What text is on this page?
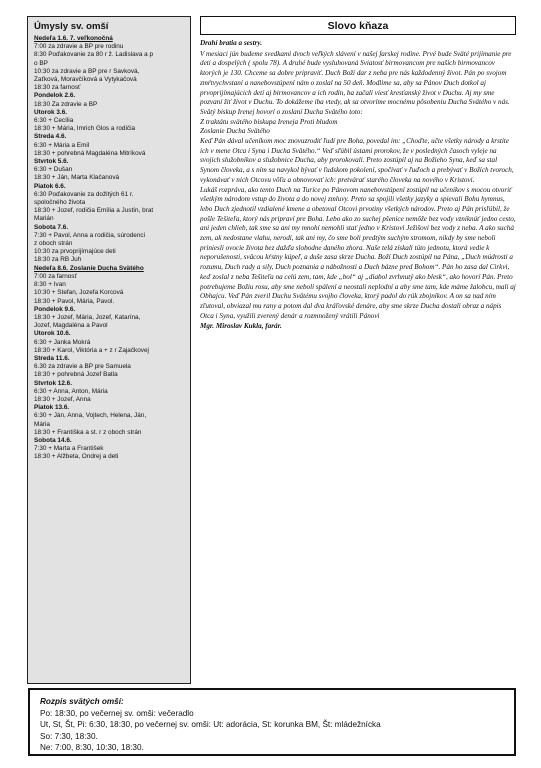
Úmysly sv. omší
Nedeľa 1.6. 7. veľkonočná
7:00 za zdravie a BP pre rodinu
8:30 Poďakovanie za 80 r ž. Ladislava a p
o BP
10:30 za zdravie a BP pre r Savková,
Zaťková, Moravčíková a Vytykačová
18:30 za farnosť
Pondelok 2.6.
18:30 Za zdravie a BP
Utorok 3.6.
6:30 + Cecília
18:30 + Mária, Imrich Glos a rodičia
Streda 4.6.
6:30 + Mária a Emil
18:30 + pohrebná Magdaléna Mitríková
Štvrtok 5.6.
6:30 + Dušan
18:30 + Ján, Marta Klačanová
Piatok 6.6.
6:30 Poďakovanie za dožitých 61 r.
spoločného života
18:30 + Jozef, rodičia Emília a Justín, brat
Marián
Sobota 7.6.
7:30 + Pavol, Anna a rodičia, súrodenci
z oboch strán
10:30 za prvoprijímajúce deti
18:30 za RB Juh
Nedeľa 8.6. Zoslanie Ducha Svätého
7:00 za farnosť
8:30 + Ivan
10:30 + Štefan, Jozefa Korcová
18:30 + Pavol, Mária, Pavol.
Pondelok 9.6.
18:30 + Jozef, Mária, Jozef, Katarína,
Jozef, Magdaléna a Pavol
Utorok 10.6.
6:30 + Janka Mokrá
18:30 + Karol, Viktória a + z r Zajačkovej
Streda 11.6.
6.30 za zdravie a BP pre Samuela
18:30 + pohrebná Jozef Batla
Štvrtok 12.6.
6:30 + Anna, Anton, Mária
18:30 + Jozef, Anna
Piatok 13.6.
6:30 + Ján, Anna, Vojtech, Helena, Ján,
Mária
18:30 + Františka a st. r z oboch strán
Sobota 14.6.
7:30 + Marta a František
18:30 + Alžbeta, Ondrej a deti
Slovo kňaza

Drahí bratia a sestry.

V mesiaci jún budeme svedkami dvoch veľkých slávení v našej farskej rodine. Prvé bude Sväté prijímanie pre deti a dospelých ( spolu 78). A druhé bude vysluhovaná Sviatosť birmovancom pre našich birmovancov ktorých je 130. Chceme sa dobre pripraviť. Duch Boží dar z neba pre nás každodenný život. Pán po svojom zmŕtvychvstaní a nanebovstúpení nám o zoslal na 50 deň. Modlime sa, aby sa Pánov Duch dotkol aj prvoprijímajúcich detí aj birmovancov a ich rodín, ba začali viesť kresťanský život v Duchu. Aj my sme pozvaní žiť život v Duchu. To dokážeme iba vtedy, ak sa otvoríme mocnému pôsobeniu Ducha Svätého v nás. Svätý biskup Irenej hovorí o zoslaní Ducha Svätého toto:

Z traktátu svätého biskupa Ireneja Proti bludom

Zoslanie Ducha Svätého

Keď Pán dával učeníkom moc znovuzrodiť ľudí pre Boha, povedal im: „Choďte, učte všetky národy a krstite ich v mene Otca i Syna i Ducha Svätého.“ Veď sľúbil ústami prorokov, že v posledných časoch vyleje na svojich služobníkov a služobnice Ducha, aby prorokovali. Preto zostúpil aj na Božieho Syna, keď sa stal Synom človeka, a s ním sa navykol bývať v ľudskom pokolení, spočívať v ľuďoch a prebývať v Božích tvoroch, vykonávať v nich Otcovu vôľu a obnovovať ich: pretvárať starého človeka na nového v Kristovi.

Lukáš rozpráva, ako tento Duch na Turíce po Pánovom nanebovstúpení zostúpil na učeníkov s mocou otvoriť všetkým národom vstup do života a do novej zmluvy. Preto sa spojili všetky jazyky a spievali Bohu hymnus, lebo Duch zjednotil vzdialené kmene a obetoval Otcovi prvotiny všetkých národov. Preto aj Pán prisľúbil, že pošle Tešiteľa, ktorý nás pripraví pre Boha. Lebo ako zo suchej pšenice nemôže bez vody vzniknúť jedno cesto, ani jeden chlieb, tak sme sa ani my mnohí nemohli stať jedno v Kristovi Ježišovi bez vody z neba. A ako suchá zem, ak nedostane vlahu, nerodí, tak ani my, čo sme boli predtým suchým stromom, nikdy by sme neboli priniesli ovocie života bez dažďa slobodne daného zhora. Naše telá získali túto jednotu, ktorá vedie k neporušenosti, sväcou kŕstny kúpeľ, a duše zasa skrze Ducha. Boží Duch zostúpil na Pána, „Duch múdrosti a rozumu, Duch rady a sily, Duch poznania a nábožnosti a Duch bázne pred Bohom“. Pán ho zasa dal Cirkvi, keď zoslal z neba Tešiteľa na celú zem, tam, kde „bol“ aj „diabol zvrhnutý ako blesk“, ako hovorí Pán. Preto potrebujeme Božiu rosu, aby sme neboli spálení a neostali neplodní a aby sme tam, kde máme žalobcu, mali aj Obhajcu. Veď Pán zveril Duchu Svätému svojho človeka, ktorý padol do rúk zbojníkov. A on sa nad ním zľutoval, obviazal mu rany a potom dal dva kráľovské denáre, aby sme skrze Ducha dostali obraz a nápis Otca i Syna, využili zverený denár a rozmnožený vrátili Pánovi

Mgr. Miroslav Kukla, farár.

Rozpis svätých omší:
Po: 18:30, po večernej sv. omši: večeradlo
Ut, St, Št, Pi: 6:30, 18:30, po večernej sv. omši: Ut: adorácia, St: korunka BM, Št: mládežnícka
So: 7:30, 18:30.
Ne: 7:00, 8:30, 10:30, 18:30.
